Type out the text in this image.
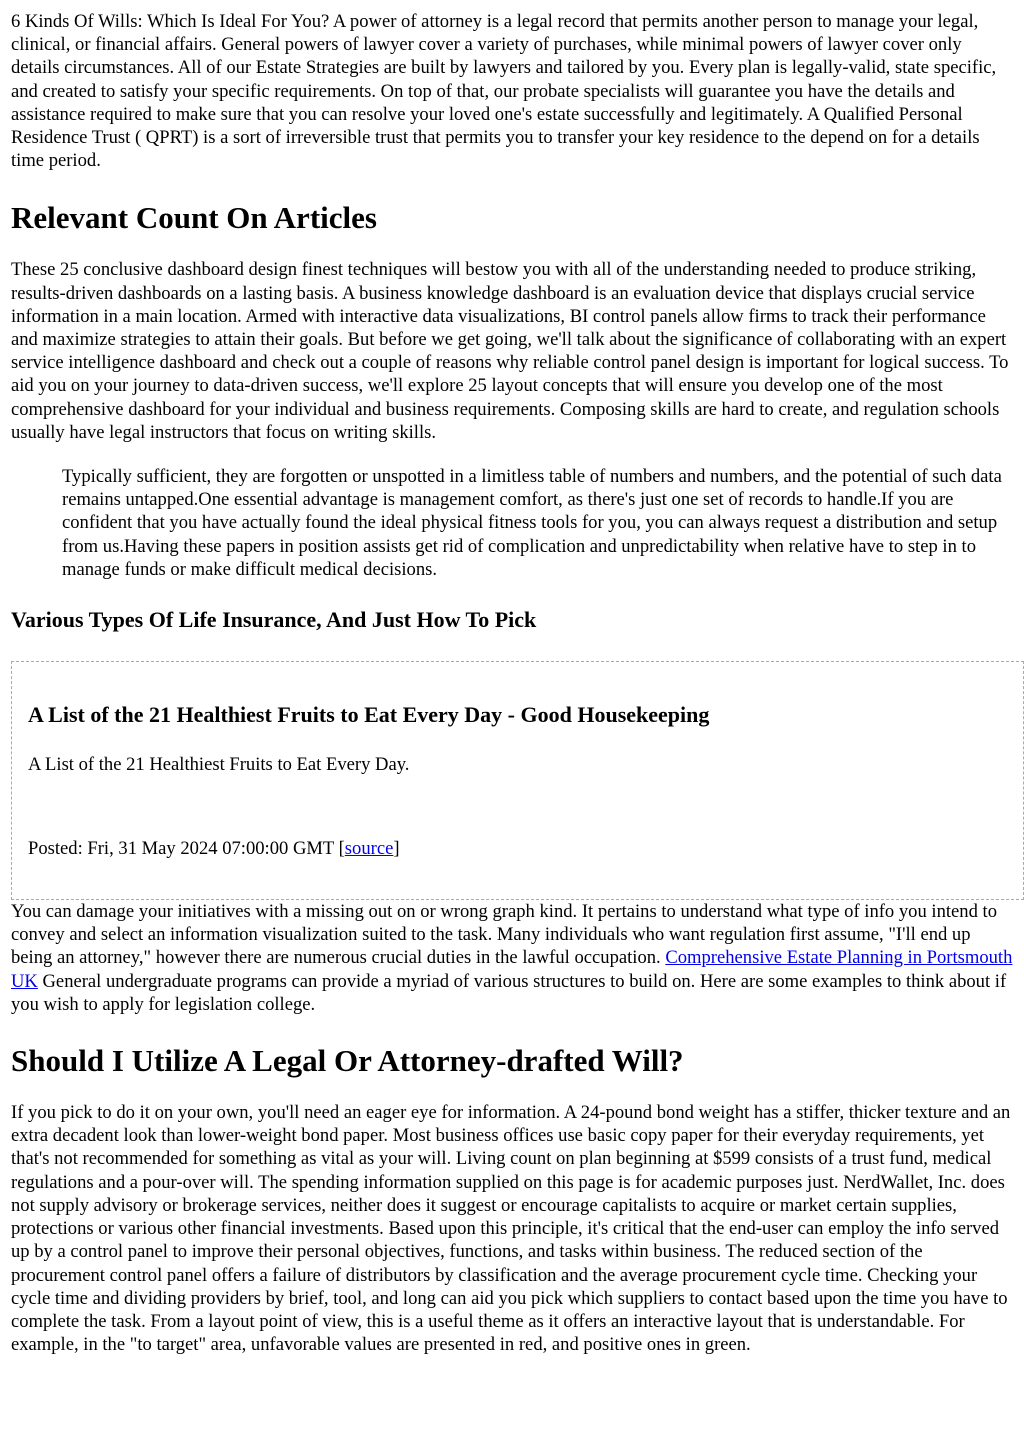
6 Kinds Of Wills: Which Is Ideal For You? A power of attorney is a legal record that permits another person to manage your legal, clinical, or financial affairs. General powers of lawyer cover a variety of purchases, while minimal powers of lawyer cover only details circumstances. All of our Estate Strategies are built by lawyers and tailored by you. Every plan is legally-valid, state specific, and created to satisfy your specific requirements. On top of that, our probate specialists will guarantee you have the details and assistance required to make sure that you can resolve your loved one's estate successfully and legitimately. A Qualified Personal Residence Trust ( QPRT) is a sort of irreversible trust that permits you to transfer your key residence to the depend on for a details time period.

Relevant Count On Articles

These 25 conclusive dashboard design finest techniques will bestow you with all of the understanding needed to produce striking, results-driven dashboards on a lasting basis. A business knowledge dashboard is an evaluation device that displays crucial service information in a main location. Armed with interactive data visualizations, BI control panels allow firms to track their performance and maximize strategies to attain their goals. But before we get going, we'll talk about the significance of collaborating with an expert service intelligence dashboard and check out a couple of reasons why reliable control panel design is important for logical success. To aid you on your journey to data-driven success, we'll explore 25 layout concepts that will ensure you develop one of the most comprehensive dashboard for your individual and business requirements. Composing skills are hard to create, and regulation schools usually have legal instructors that focus on writing skills.

Typically sufficient, they are forgotten or unspotted in a limitless table of numbers and numbers, and the potential of such data remains untapped.One essential advantage is management comfort, as there's just one set of records to handle.If you are confident that you have actually found the ideal physical fitness tools for you, you can always request a distribution and setup from us.Having these papers in position assists get rid of complication and unpredictability when relative have to step in to manage funds or make difficult medical decisions.

Various Types Of Life Insurance, And Just How To Pick
A List of the 21 Healthiest Fruits to Eat Every Day - Good Housekeeping

A List of the 21 Healthiest Fruits to Eat Every Day.

Posted: Fri, 31 May 2024 07:00:00 GMT [source]

You can damage your initiatives with a missing out on or wrong graph kind. It pertains to understand what type of info you intend to convey and select an information visualization suited to the task. Many individuals who want regulation first assume, "I'll end up being an attorney," however there are numerous crucial duties in the lawful occupation. Comprehensive Estate Planning in Portsmouth UK General undergraduate programs can provide a myriad of various structures to build on. Here are some examples to think about if you wish to apply for legislation college.

Should I Utilize A Legal Or Attorney-drafted Will?

If you pick to do it on your own, you'll need an eager eye for information. A 24-pound bond weight has a stiffer, thicker texture and an extra decadent look than lower-weight bond paper. Most business offices use basic copy paper for their everyday requirements, yet that's not recommended for something as vital as your will. Living count on plan beginning at $599 consists of a trust fund, medical regulations and a pour-over will. The spending information supplied on this page is for academic purposes just. NerdWallet, Inc. does not supply advisory or brokerage services, neither does it suggest or encourage capitalists to acquire or market certain supplies, protections or various other financial investments. Based upon this principle, it's critical that the end-user can employ the info served up by a control panel to improve their personal objectives, functions, and tasks within business. The reduced section of the procurement control panel offers a failure of distributors by classification and the average procurement cycle time. Checking your cycle time and dividing providers by brief, tool, and long can aid you pick which suppliers to contact based upon the time you have to complete the task. From a layout point of view, this is a useful theme as it offers an interactive layout that is understandable. For example, in the "to target" area, unfavorable values are presented in red, and positive ones in green.
